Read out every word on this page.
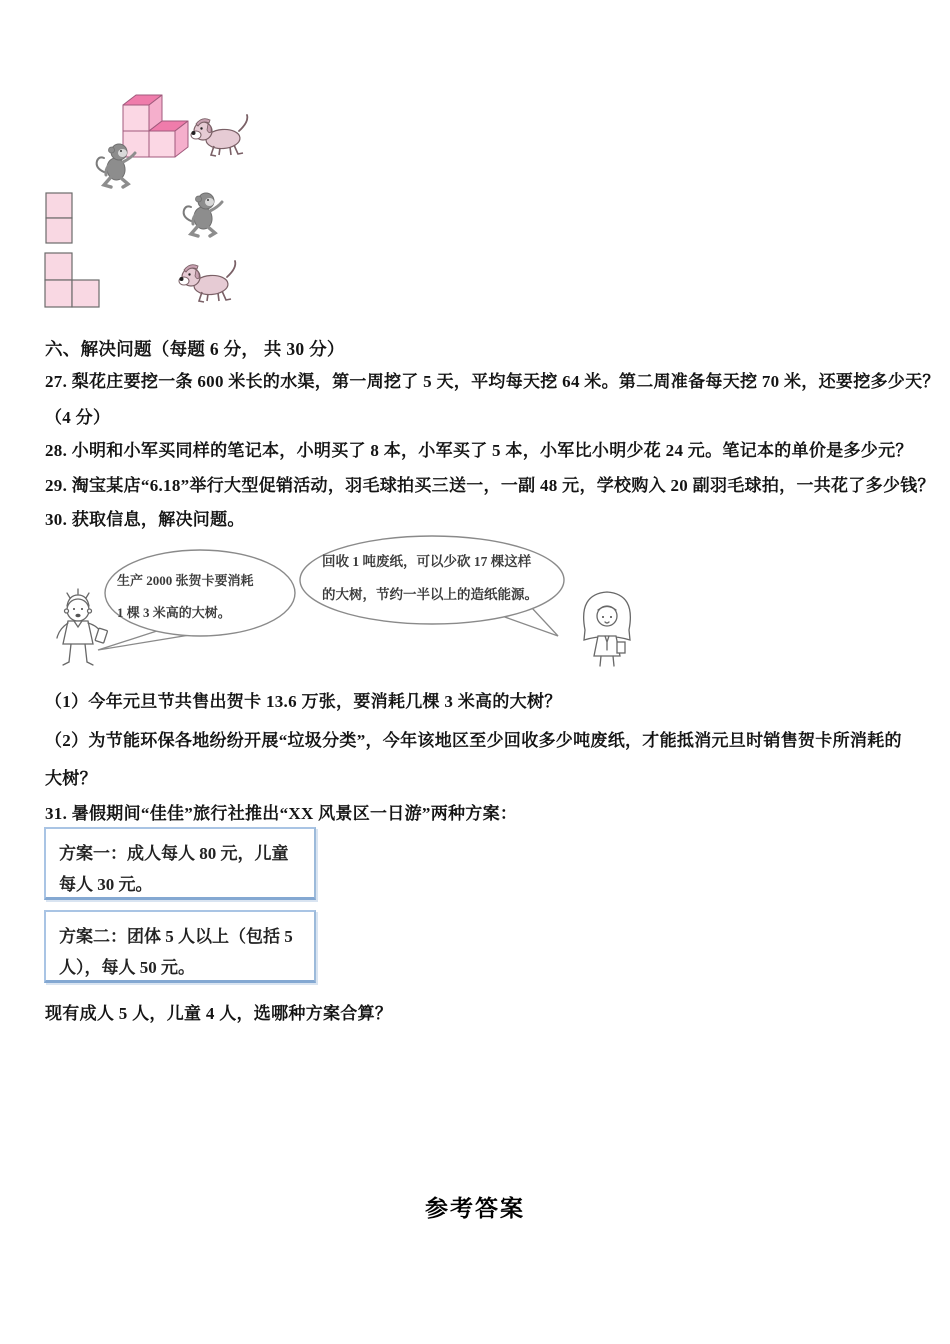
六、解决问题（每题 6 分， 共 30 分）
27. 梨花庄要挖一条 600 米长的水渠，第一周挖了 5 天，平均每天挖 64 米。第二周准备每天挖 70 米，还要挖多少天？
（4 分）
28. 小明和小军买同样的笔记本，小明买了 8 本，小军买了 5 本，小军比小明少花 24 元。笔记本的单价是多少元？
29. 淘宝某店“6.18”举行大型促销活动，羽毛球拍买三送一，一副 48 元，学校购入 20 副羽毛球拍，一共花了多少钱？
30. 获取信息，解决问题。
生产 2000 张贺卡要消耗
1 棵 3 米高的大树。
回收 1 吨废纸，可以少砍 17 棵这样
的大树，节约一半以上的造纸能源。
（1）今年元旦节共售出贺卡 13.6 万张，要消耗几棵 3 米高的大树？
（2）为节能环保各地纷纷开展“垃圾分类”，今年该地区至少回收多少吨废纸，才能抵消元旦时销售贺卡所消耗的
大树？
31. 暑假期间“佳佳”旅行社推出“XX 风景区一日游”两种方案：
方案一：成人每人 80 元，儿童每人 30 元。
方案二：团体 5 人以上（包括 5 人），每人 50 元。
现有成人 5 人，儿童 4 人，选哪种方案合算？
参考答案
